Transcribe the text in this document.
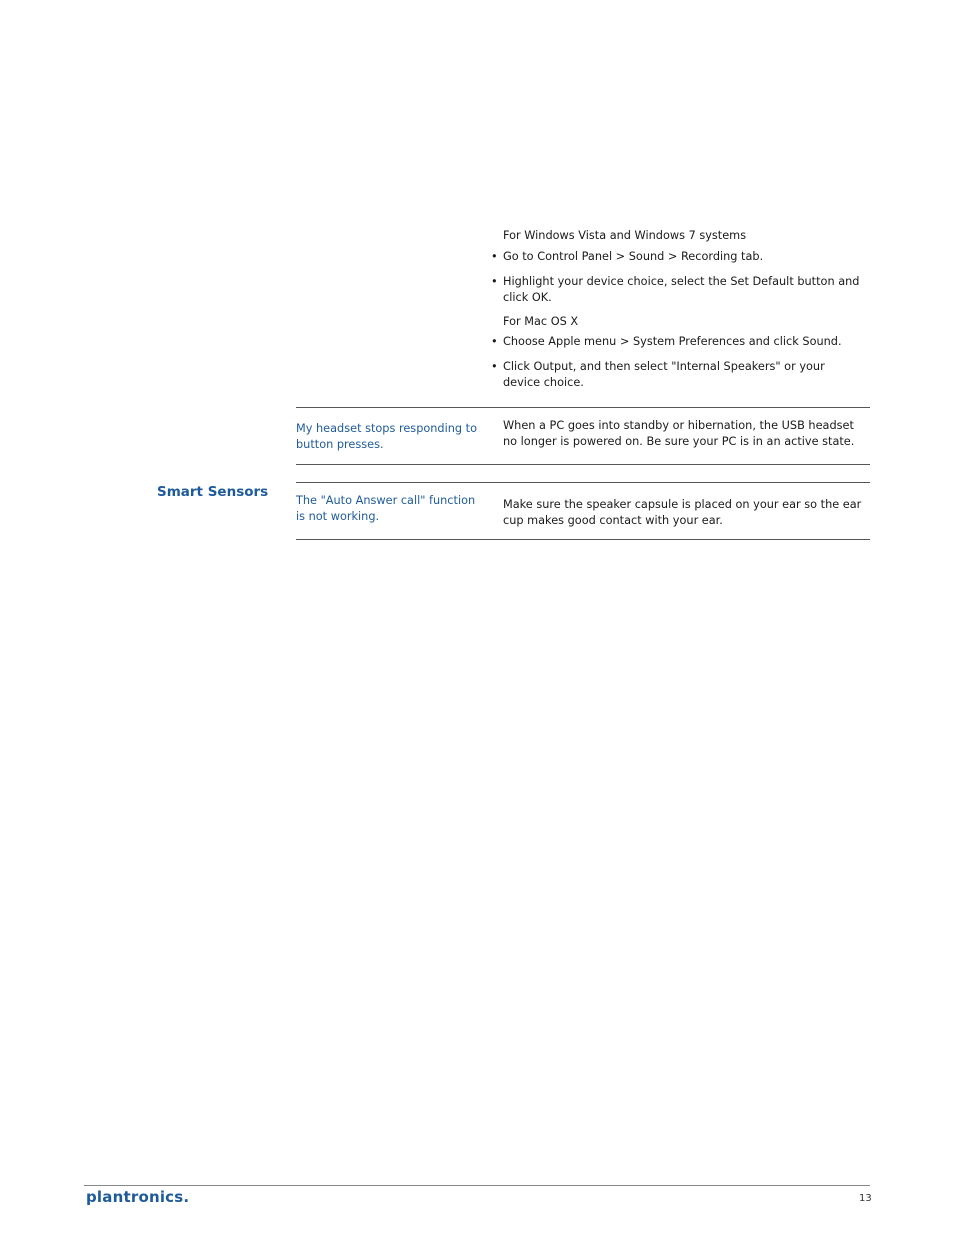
For Windows Vista and Windows 7 systems
• Go to Control Panel > Sound > Recording tab.
• Highlight your device choice, select the Set Default button and click OK.
For Mac OS X
• Choose Apple menu > System Preferences and click Sound.
• Click Output, and then select "Internal Speakers" or your device choice.
My headset stops responding to button presses.
When a PC goes into standby or hibernation, the USB headset no longer is powered on. Be sure your PC is in an active state.
Smart Sensors
The "Auto Answer call" function is not working.
Make sure the speaker capsule is placed on your ear so the ear cup makes good contact with your ear.
plantronics.	13
